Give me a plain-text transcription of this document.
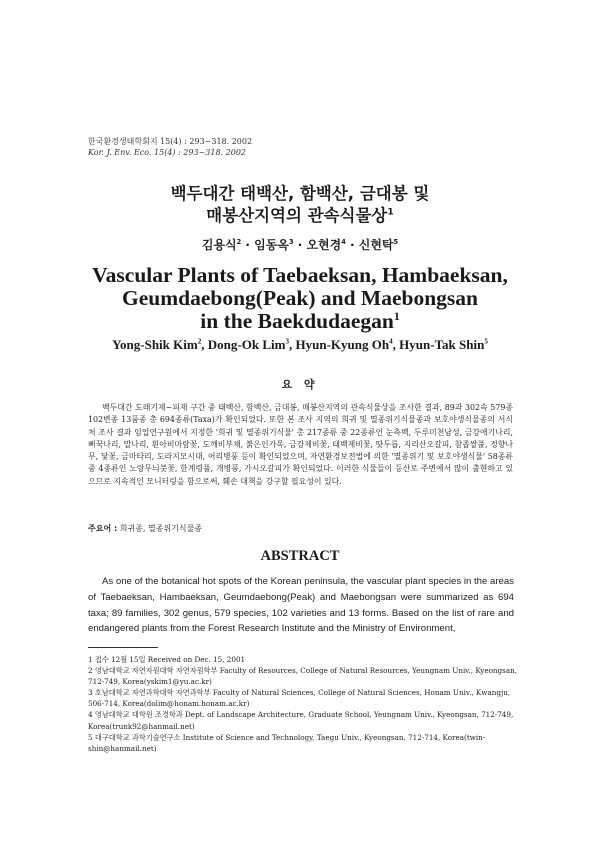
한국환경생태학회지 15(4) : 293~318. 2002
Kor. J. Env. Eco. 15(4) : 293~318. 2002
백두대간 태백산, 함백산, 금대봉 및
매봉산지역의 관속식물상$^1$
김용식$^2$ · 임동옥$^3$ · 오현경$^4$ · 신현탁$^5$
Vascular Plants of Taebaeksan, Hambaeksan,
Geumdaebong(Peak) and Maebongsan
in the Baekdudaegan$^1$
Yong-Shik Kim$^2$, Dong-Ok Lim$^3$, Hyun-Kyung Oh$^4$, Hyun-Tak Shin$^5$
요 약

백두대간 도래기재~피재 구간 중 태백산, 함백산, 금대봉, 매봉산지역의 관속식물상을 조사한 결과, 89과 302속 579종 102변종 13품종 총 694종류(Taxa)가 확인되었다. 또한 본 조사 지역의 희귀 및 멸종위기식물종과 보호야생식물종의 서식처 조사 결과 임업연구원에서 지정한 '희귀 및 멸종위기식물' 총 217종류 중 22종류인 눈측백, 두루미천남성, 금강애기나리, 뻐꾹나리, 말나리, 흰아비마람꽃, 도깨비부채, 붉은인가목, 금강제비꽃, 태백제비꽃, 땃두릅, 지리산오갈피, 참좁쌀풀, 정향나무, 닻꽃, 금마타리, 도라지모시대, 어리병풍 등이 확인되었으며, 자연환경보전법에 의한 '멸종위기 및 보호야생식물' 58종류 중 4종류인 노랑무늬붓꽃, 한계령풀, 개병풍, 가시오갈피가 확인되었다. 이러한 식물들이 등산로 주변에서 많이 출현하고 있으므로 지속적인 모니터링을 함으로써, 훼손 대책을 강구할 필요성이 있다.

주요어 : 희귀종, 멸종위기식물종
ABSTRACT

As one of the botanical hot spots of the Korean peninsula, the vascular plant species in the areas of Taebaeksan, Hambaeksan, Geumdaebong(Peak) and Maebongsan were summarized as 694 taxa; 89 families, 302 genus, 579 species, 102 varieties and 13 forms. Based on the list of rare and endangered plants from the Forest Research Institute and the Ministry of Environment,

1 접수 12월 15일 Received on Dec. 15, 2001
2 영남대학교 자연자원대학 자연자원학부 Faculty of Resources, College of Natural Resources, Yeungnam Univ., Kyeongsan, 712-749, Korea(yskim1@yu.ac.kr)
3 호남대학교 자연과학대학 자연과학부 Faculty of Natural Sciences, College of Natural Sciences, Honam Univ., Kwangju, 506-714, Korea(dolim@honam.honam.ac.kr)
4 영남대학교 대학원 조경학과 Dept. of Landscape Architecture, Graduate School, Yeungnam Univ., Kyeongsan, 712-749, Korea(trunk92@hanmail.net)
5 대구대학교 과학기술연구소 Institute of Science and Technology, Taegu Univ., Kyeongsan, 712-714, Korea(twin-shin@hanmail.net)
